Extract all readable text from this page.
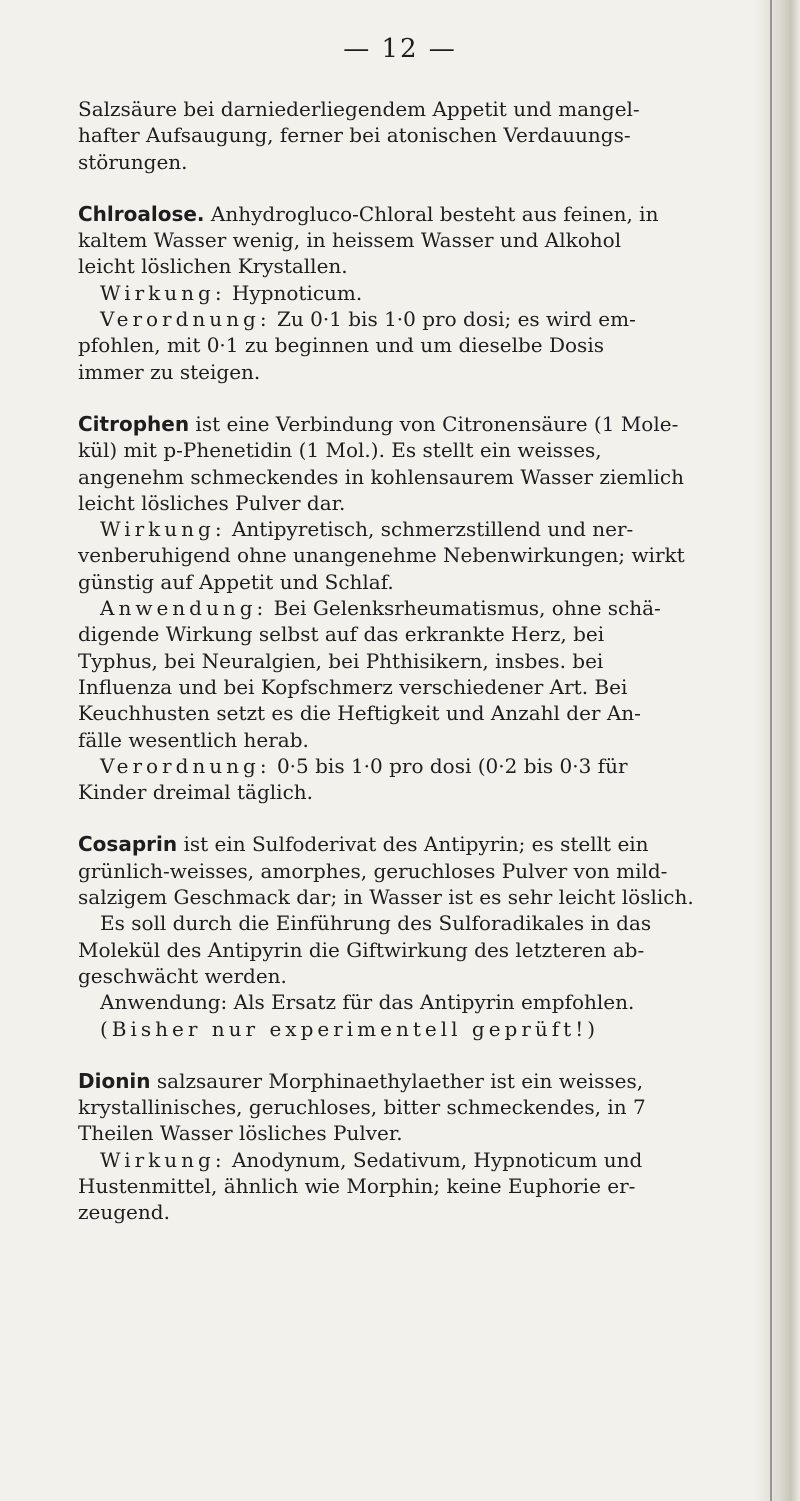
— 12 —

Salzsäure bei darniederliegendem Appetit und mangel-

hafter Aufsaugung, ferner bei atonischen Verdauungs-

störungen.

Chlroalose. Anhydrogluco-Chloral besteht aus feinen, in

kaltem Wasser wenig, in heissem Wasser und Alkohol

leicht löslichen Krystallen.

Wirkung: Hypnoticum.

Verordnung: Zu 0·1 bis 1·0 pro dosi; es wird em-

pfohlen, mit 0·1 zu beginnen und um dieselbe Dosis

immer zu steigen.

Citrophen ist eine Verbindung von Citronensäure (1 Mole-

kül) mit p-Phenetidin (1 Mol.). Es stellt ein weisses,

angenehm schmeckendes in kohlensaurem Wasser ziemlich

leicht lösliches Pulver dar.

Wirkung: Antipyretisch, schmerzstillend und ner-

venberuhigend ohne unangenehme Nebenwirkungen; wirkt

günstig auf Appetit und Schlaf.

Anwendung: Bei Gelenksrheumatismus, ohne schä-

digende Wirkung selbst auf das erkrankte Herz, bei

Typhus, bei Neuralgien, bei Phthisikern, insbes. bei

Influenza und bei Kopfschmerz verschiedener Art. Bei

Keuchhusten setzt es die Heftigkeit und Anzahl der An-

fälle wesentlich herab.

Verordnung: 0·5 bis 1·0 pro dosi (0·2 bis 0·3 für

Kinder dreimal täglich.

Cosaprin ist ein Sulfoderivat des Antipyrin; es stellt ein

grünlich-weisses, amorphes, geruchloses Pulver von mild-

salzigem Geschmack dar; in Wasser ist es sehr leicht löslich.

Es soll durch die Einführung des Sulforadikales in das

Molekül des Antipyrin die Giftwirkung des letzteren ab-

geschwächt werden.

Anwendung: Als Ersatz für das Antipyrin empfohlen.

(Bisher nur experimentell geprüft!)

Dionin salzsaurer Morphinaethylaether ist ein weisses,

krystallinisches, geruchloses, bitter schmeckendes, in 7

Theilen Wasser lösliches Pulver.

Wirkung: Anodynum, Sedativum, Hypnoticum und

Hustenmittel, ähnlich wie Morphin; keine Euphorie er-

zeugend.
